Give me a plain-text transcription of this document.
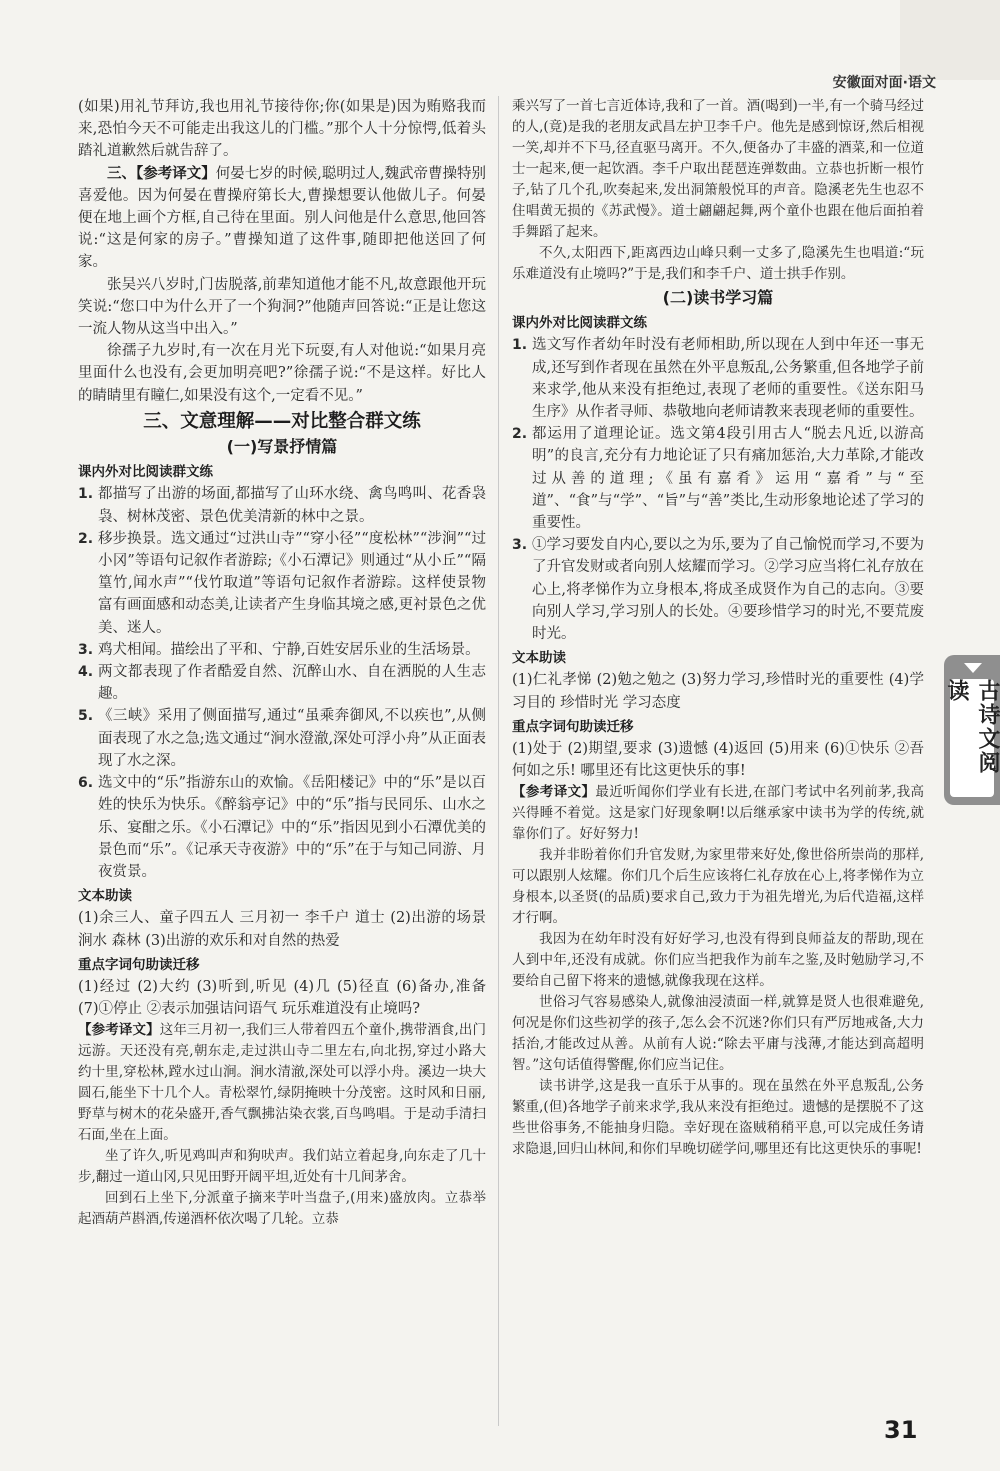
安徽面对面·语文

(如果)用礼节拜访,我也用礼节接待你;你(如果是)因为贿赂我而来,恐怕今天不可能走出我这儿的门槛。”那个人十分惊愕,低着头踏礼道歉然后就告辞了。

三、【参考译文】何晏七岁的时候,聪明过人,魏武帝曹操特别喜爱他。因为何晏在曹操府第长大,曹操想要认他做儿子。何晏便在地上画个方框,自己待在里面。别人问他是什么意思,他回答说:“这是何家的房子。”曹操知道了这件事,随即把他送回了何家。

张吴兴八岁时,门齿脱落,前辈知道他才能不凡,故意跟他开玩笑说:“您口中为什么开了一个狗洞?”他随声回答说:“正是让您这一流人物从这当中出入。”

徐孺子九岁时,有一次在月光下玩耍,有人对他说:“如果月亮里面什么也没有,会更加明亮吧?”徐孺子说:“不是这样。好比人的睛睛里有瞳仁,如果没有这个,一定看不见。”

三、文意理解——对比整合群文练
(一)写景抒情篇
课内外对比阅读群文练
1. 都描写了出游的场面,都描写了山环水绕、禽鸟鸣叫、花香袅袅、树林茂密、景色优美清新的林中之景。
2. 移步换景。选文通过“过洪山寺”“穿小径”“度松林”“涉涧”“过小冈”等语句记叙作者游踪;《小石潭记》则通过“从小丘”“隔篁竹,闻水声”“伐竹取道”等语句记叙作者游踪。这样使景物富有画面感和动态美,让读者产生身临其境之感,更衬景色之优美、迷人。
3. 鸡犬相闻。描绘出了平和、宁静,百姓安居乐业的生活场景。
4. 两文都表现了作者酷爱自然、沉醉山水、自在洒脱的人生志趣。
5. 《三峡》采用了侧面描写,通过“虽乘奔御风,不以疾也”,从侧面表现了水之急;选文通过“涧水澄澈,深处可浮小舟”从正面表现了水之深。
6. 选文中的“乐”指游东山的欢愉。《岳阳楼记》中的“乐”是以百姓的快乐为快乐。《醉翁亭记》中的“乐”指与民同乐、山水之乐、宴酣之乐。《小石潭记》中的“乐”指因见到小石潭优美的景色而“乐”。《记承天寺夜游》中的“乐”在于与知己同游、月夜赏景。
文本助读

(1)余三人、童子四五人 三月初一 李千户 道士 (2)出游的场景 涧水 森林 (3)出游的欢乐和对自然的热爱

重点字词句助读迁移

(1)经过 (2)大约 (3)听到,听见 (4)几 (5)径直 (6)备办,准备 (7)①停止 ②表示加强诘问语气 玩乐难道没有止境吗?

【参考译文】这年三月初一,我们三人带着四五个童仆,携带酒食,出门远游。天还没有亮,朝东走,走过洪山寺二里左右,向北拐,穿过小路大约十里,穿松林,蹚水过山涧。涧水清澈,深处可以浮小舟。溪边一块大圆石,能坐下十几个人。青松翠竹,绿阴掩映十分茂密。这时风和日丽,野草与树木的花朵盛开,香气飘拂沾染衣裳,百鸟鸣唱。于是动手清扫石面,坐在上面。

坐了许久,听见鸡叫声和狗吠声。我们站立着起身,向东走了几十步,翻过一道山冈,只见田野开阔平坦,近处有十几间茅舍。

回到石上坐下,分派童子摘来芋叶当盘子,(用来)盛放肉。立恭举起酒葫芦斟酒,传递酒杯依次喝了几轮。立恭

乘兴写了一首七言近体诗,我和了一首。酒(喝到)一半,有一个骑马经过的人,(竟)是我的老朋友武昌左护卫李千户。他先是感到惊讶,然后相视一笑,却并不下马,径直驱马离开。不久,便备办了丰盛的酒菜,和一位道士一起来,便一起饮酒。李千户取出琵琶连弹数曲。立恭也折断一根竹子,钻了几个孔,吹奏起来,发出洞箫般悦耳的声音。隐溪老先生也忍不住唱黄无损的《苏武慢》。道士翩翩起舞,两个童仆也跟在他后面拍着手舞蹈了起来。

不久,太阳西下,距离西边山峰只剩一丈多了,隐溪先生也唱道:“玩乐难道没有止境吗?”于是,我们和李千户、道士拱手作别。

(二)读书学习篇
课内外对比阅读群文练
1. 选文写作者幼年时没有老师相助,所以现在人到中年还一事无成,还写到作者现在虽然在外平息叛乱,公务繁重,但各地学子前来求学,他从来没有拒绝过,表现了老师的重要性。《送东阳马生序》从作者寻师、恭敬地向老师请教来表现老师的重要性。
2. 都运用了道理论证。选文第4段引用古人“脱去凡近,以游高明”的良言,充分有力地论证了只有痛加惩治,大力革除,才能改过从善的道理;《虽有嘉肴》运用“嘉肴”与“至道”、“食”与“学”、“旨”与“善”类比,生动形象地论述了学习的重要性。
3. ①学习要发自内心,要以之为乐,要为了自己愉悦而学习,不要为了升官发财或者向别人炫耀而学习。②学习应当将仁礼存放在心上,将孝悌作为立身根本,将成圣成贤作为自己的志向。③要向别人学习,学习别人的长处。④要珍惜学习的时光,不要荒废时光。
文本助读

(1)仁礼孝悌 (2)勉之勉之 (3)努力学习,珍惜时光的重要性 (4)学习目的 珍惜时光 学习态度

重点字词句助读迁移

(1)处于 (2)期望,要求 (3)遗憾 (4)返回 (5)用来 (6)①快乐 ②吾何如之乐! 哪里还有比这更快乐的事!

【参考译文】最近听闻你们学业有长进,在部门考试中名列前茅,我高兴得睡不着觉。这是家门好现象啊!以后继承家中读书为学的传统,就靠你们了。好好努力!

我并非盼着你们升官发财,为家里带来好处,像世俗所崇尚的那样,可以跟别人炫耀。你们几个后生应该将仁礼存放在心上,将孝悌作为立身根本,以圣贤(的品质)要求自己,致力于为祖先增光,为后代造福,这样才行啊。

我因为在幼年时没有好好学习,也没有得到良师益友的帮助,现在人到中年,还没有成就。你们应当把我作为前车之鉴,及时勉励学习,不要给自己留下将来的遗憾,就像我现在这样。

世俗习气容易感染人,就像油浸渍面一样,就算是贤人也很难避免,何况是你们这些初学的孩子,怎么会不沉迷?你们只有严厉地戒备,大力括治,才能改过从善。从前有人说:“除去平庸与浅薄,才能达到高超明智。”这句话值得警醒,你们应当记住。

读书讲学,这是我一直乐于从事的。现在虽然在外平息叛乱,公务繁重,(但)各地学子前来求学,我从来没有拒绝过。遗憾的是摆脱不了这些世俗事务,不能抽身归隐。幸好现在盗贼稍稍平息,可以完成任务请求隐退,回归山林间,和你们早晚切磋学问,哪里还有比这更快乐的事呢!

古诗文阅读
31
